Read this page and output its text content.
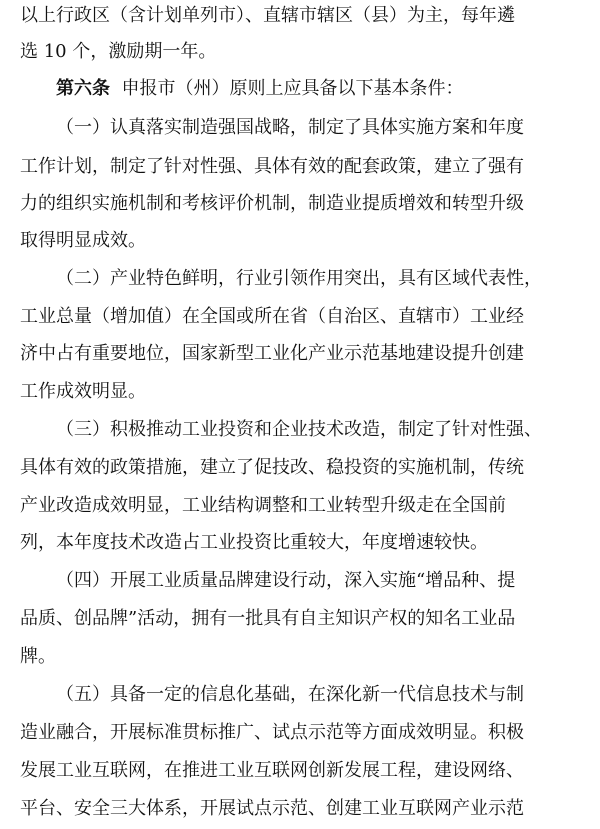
以上行政区（含计划单列市）、直辖市辖区（县）为主，每年遴
选 10 个，激励期一年。
第六条 申报市（州）原则上应具备以下基本条件：
（一）认真落实制造强国战略，制定了具体实施方案和年度
工作计划，制定了针对性强、具体有效的配套政策，建立了强有
力的组织实施机制和考核评价机制，制造业提质增效和转型升级
取得明显成效。
（二）产业特色鲜明，行业引领作用突出，具有区域代表性，
工业总量（增加值）在全国或所在省（自治区、直辖市）工业经
济中占有重要地位，国家新型工业化产业示范基地建设提升创建
工作成效明显。
（三）积极推动工业投资和企业技术改造，制定了针对性强、
具体有效的政策措施，建立了促技改、稳投资的实施机制，传统
产业改造成效明显，工业结构调整和工业转型升级走在全国前
列，本年度技术改造占工业投资比重较大，年度增速较快。
（四）开展工业质量品牌建设行动，深入实施“增品种、提
品质、创品牌”活动，拥有一批具有自主知识产权的知名工业品
牌。
（五）具备一定的信息化基础，在深化新一代信息技术与制
造业融合，开展标准贯标推广、试点示范等方面成效明显。积极
发展工业互联网，在推进工业互联网创新发展工程，建设网络、
平台、安全三大体系，开展试点示范、创建工业互联网产业示范
